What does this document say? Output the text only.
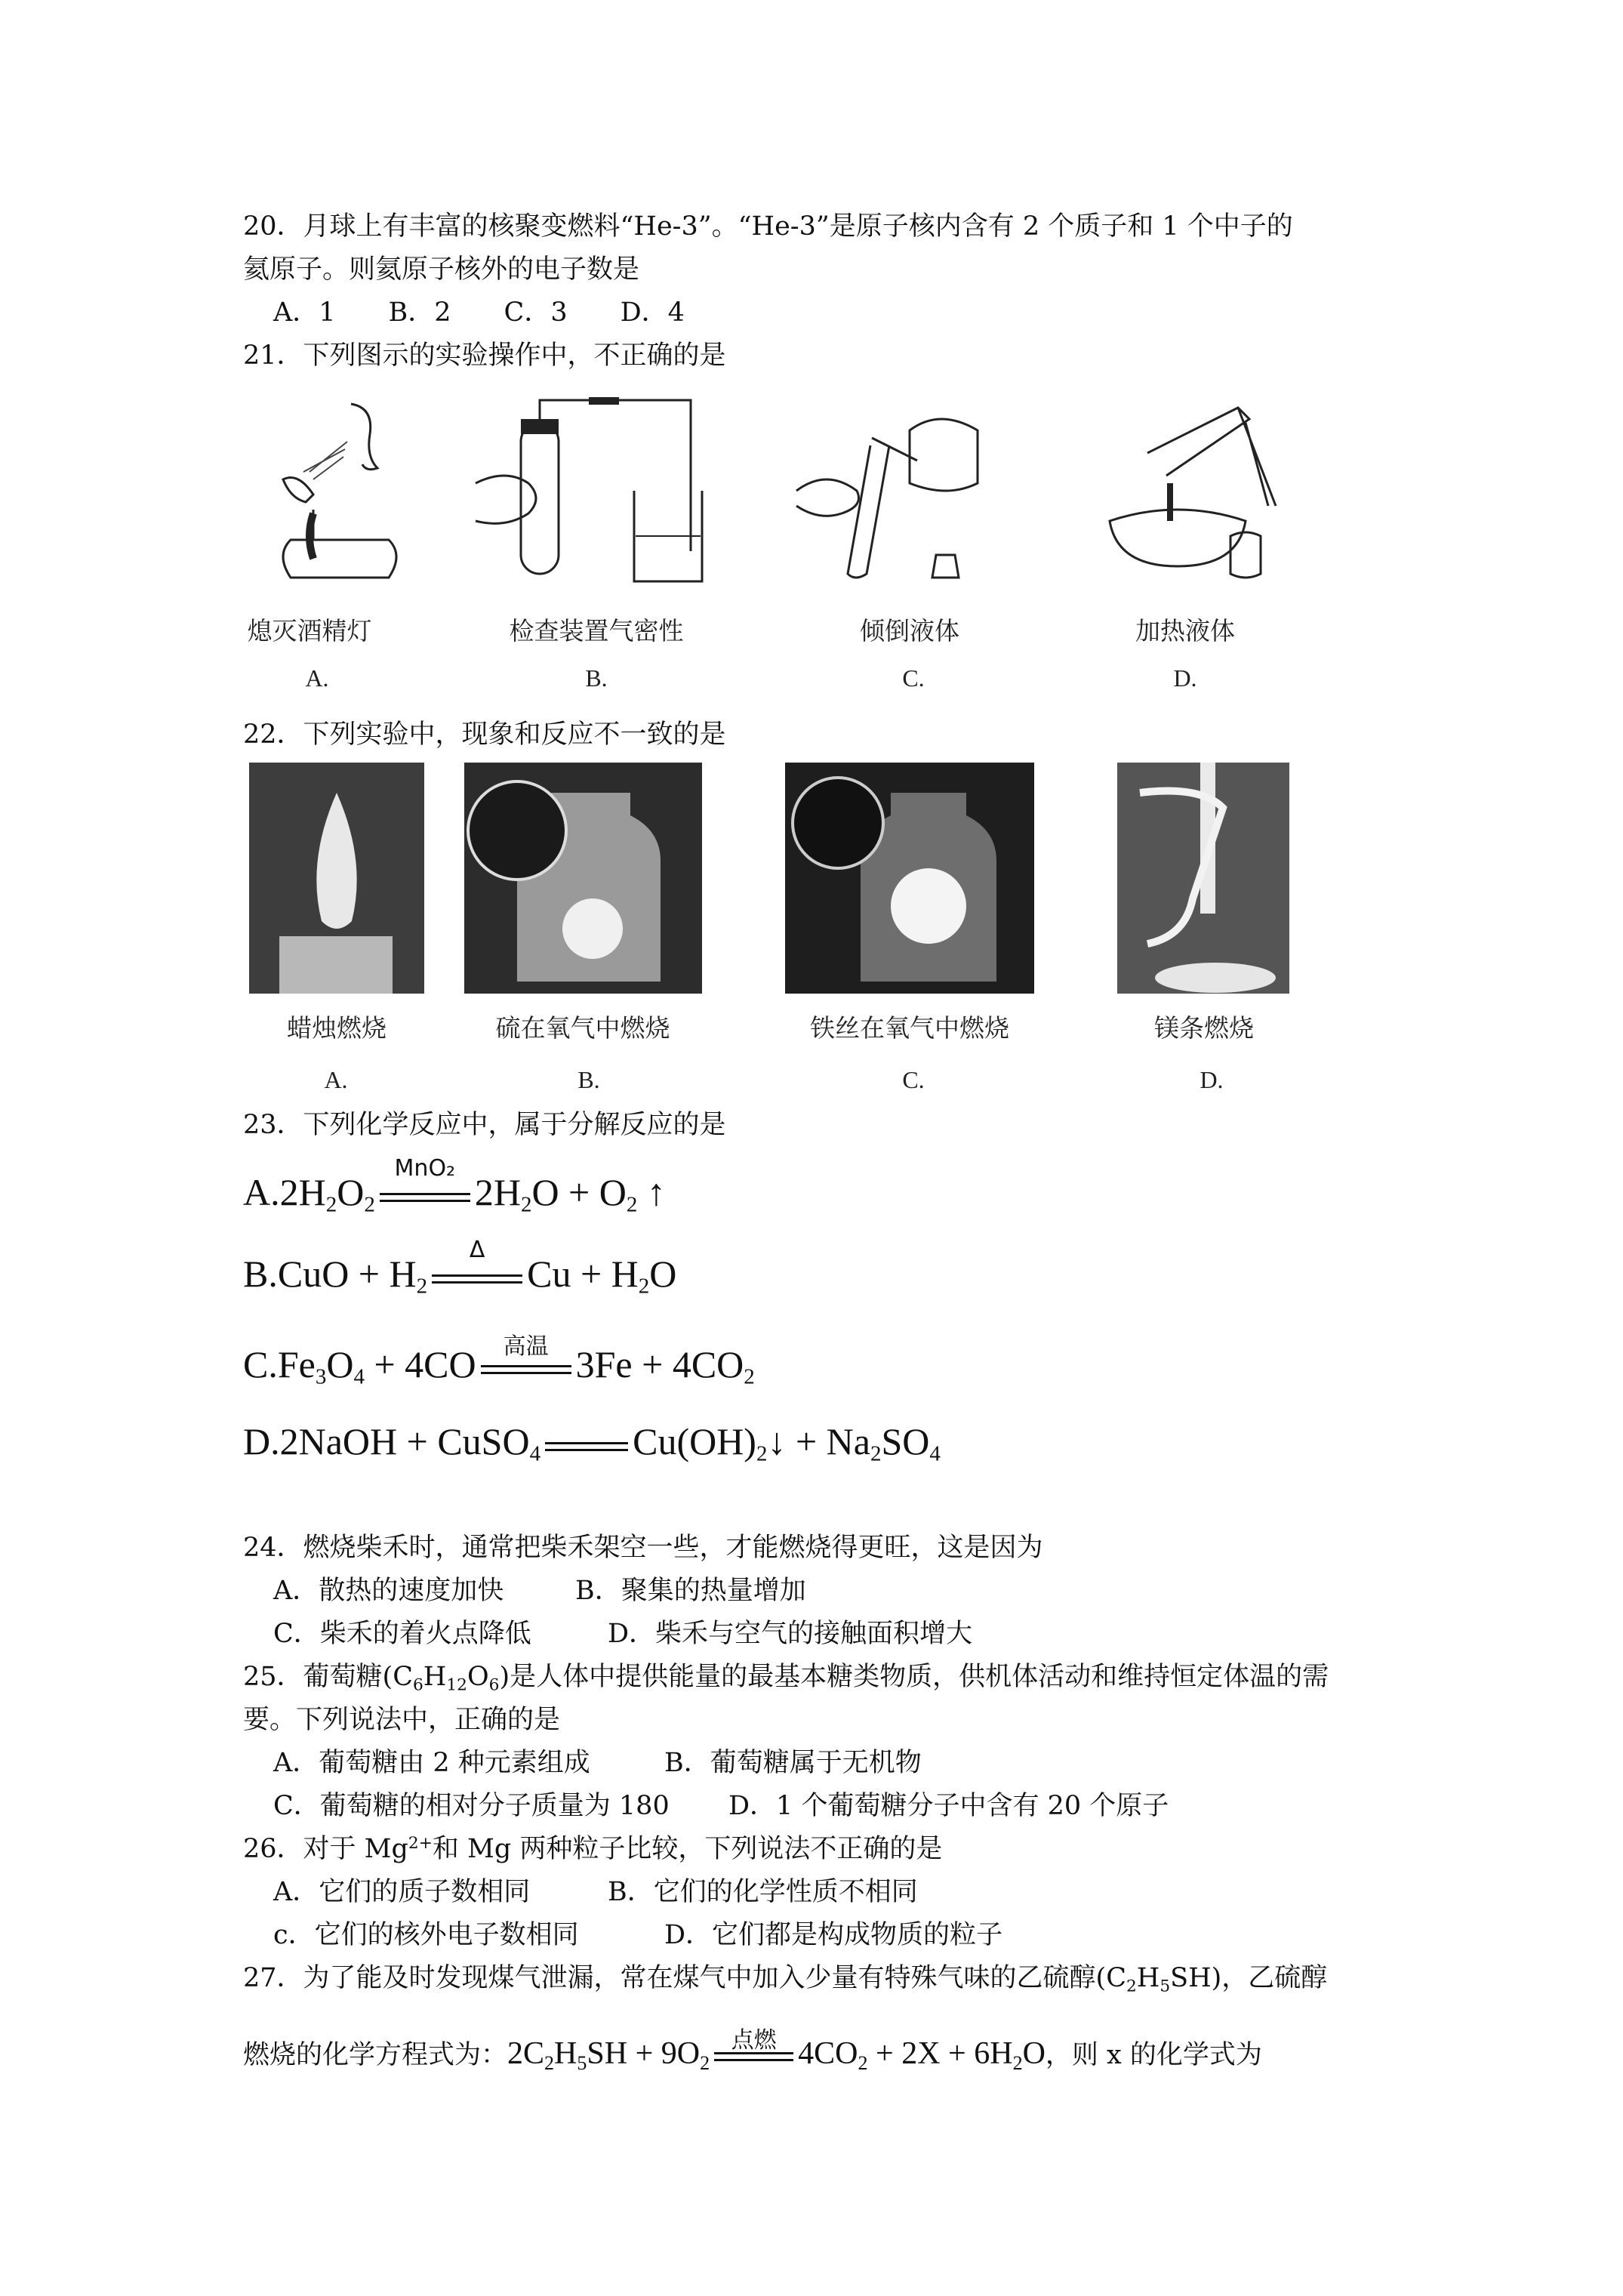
20．月球上有丰富的核聚变燃料“He-3”。“He-3”是原子核内含有 2 个质子和 1 个中子的
氦原子。则氦原子核外的电子数是
A．1　　B．2　　C．3　　D．4
21．下列图示的实验操作中，不正确的是
熄灭酒精灯	检查装置气密性	倾倒液体	加热液体
A.	B.	C.	D.
22．下列实验中，现象和反应不一致的是
蜡烛燃烧	硫在氧气中燃烧	铁丝在氧气中燃烧	镁条燃烧
A.	B.	C.	D.
23．下列化学反应中，属于分解反应的是
$A.2H_2O_2$
MnO₂
$2H_2O + O_2$ ↑
$B.CuO + H_2$
Δ
$Cu + H_2O$
$C.Fe_3O_4 + 4CO$	高温 $3Fe + 4CO_2$
D.2NaOH + CuSO$_4$ $Cu(OH)_2↓ + Na_2SO_4$
24．燃烧柴禾时，通常把柴禾架空一些，才能燃烧得更旺，这是因为
A．散热的速度加快	B．聚集的热量增加
C．柴禾的着火点降低	D．柴禾与空气的接触面积增大
25．葡萄糖$(C_6H_{12}O_6)$是人体中提供能量的最基本糖类物质，供机体活动和维持恒定体温的需
要。下列说法中，正确的是
A．葡萄糖由 2 种元素组成	B．葡萄糖属于无机物
C．葡萄糖的相对分子质量为 180 D．1 个葡萄糖分子中含有 20 个原子
26．对于 $Mg^{2+}$和 Mg 两种粒子比较，下列说法不正确的是
A．它们的质子数相同	B．它们的化学性质不相同
c．它们的核外电子数相同	D．它们都是构成物质的粒子
27．为了能及时发现煤气泄漏，常在煤气中加入少量有特殊气味的乙硫醇$(C_2H_5SH)$，乙硫醇
燃烧的化学方程式为：$2C_2H_5SH + 9O_2$
点燃 $4CO_2 + 2X + 6H_2O$，则 x 的化学式为
